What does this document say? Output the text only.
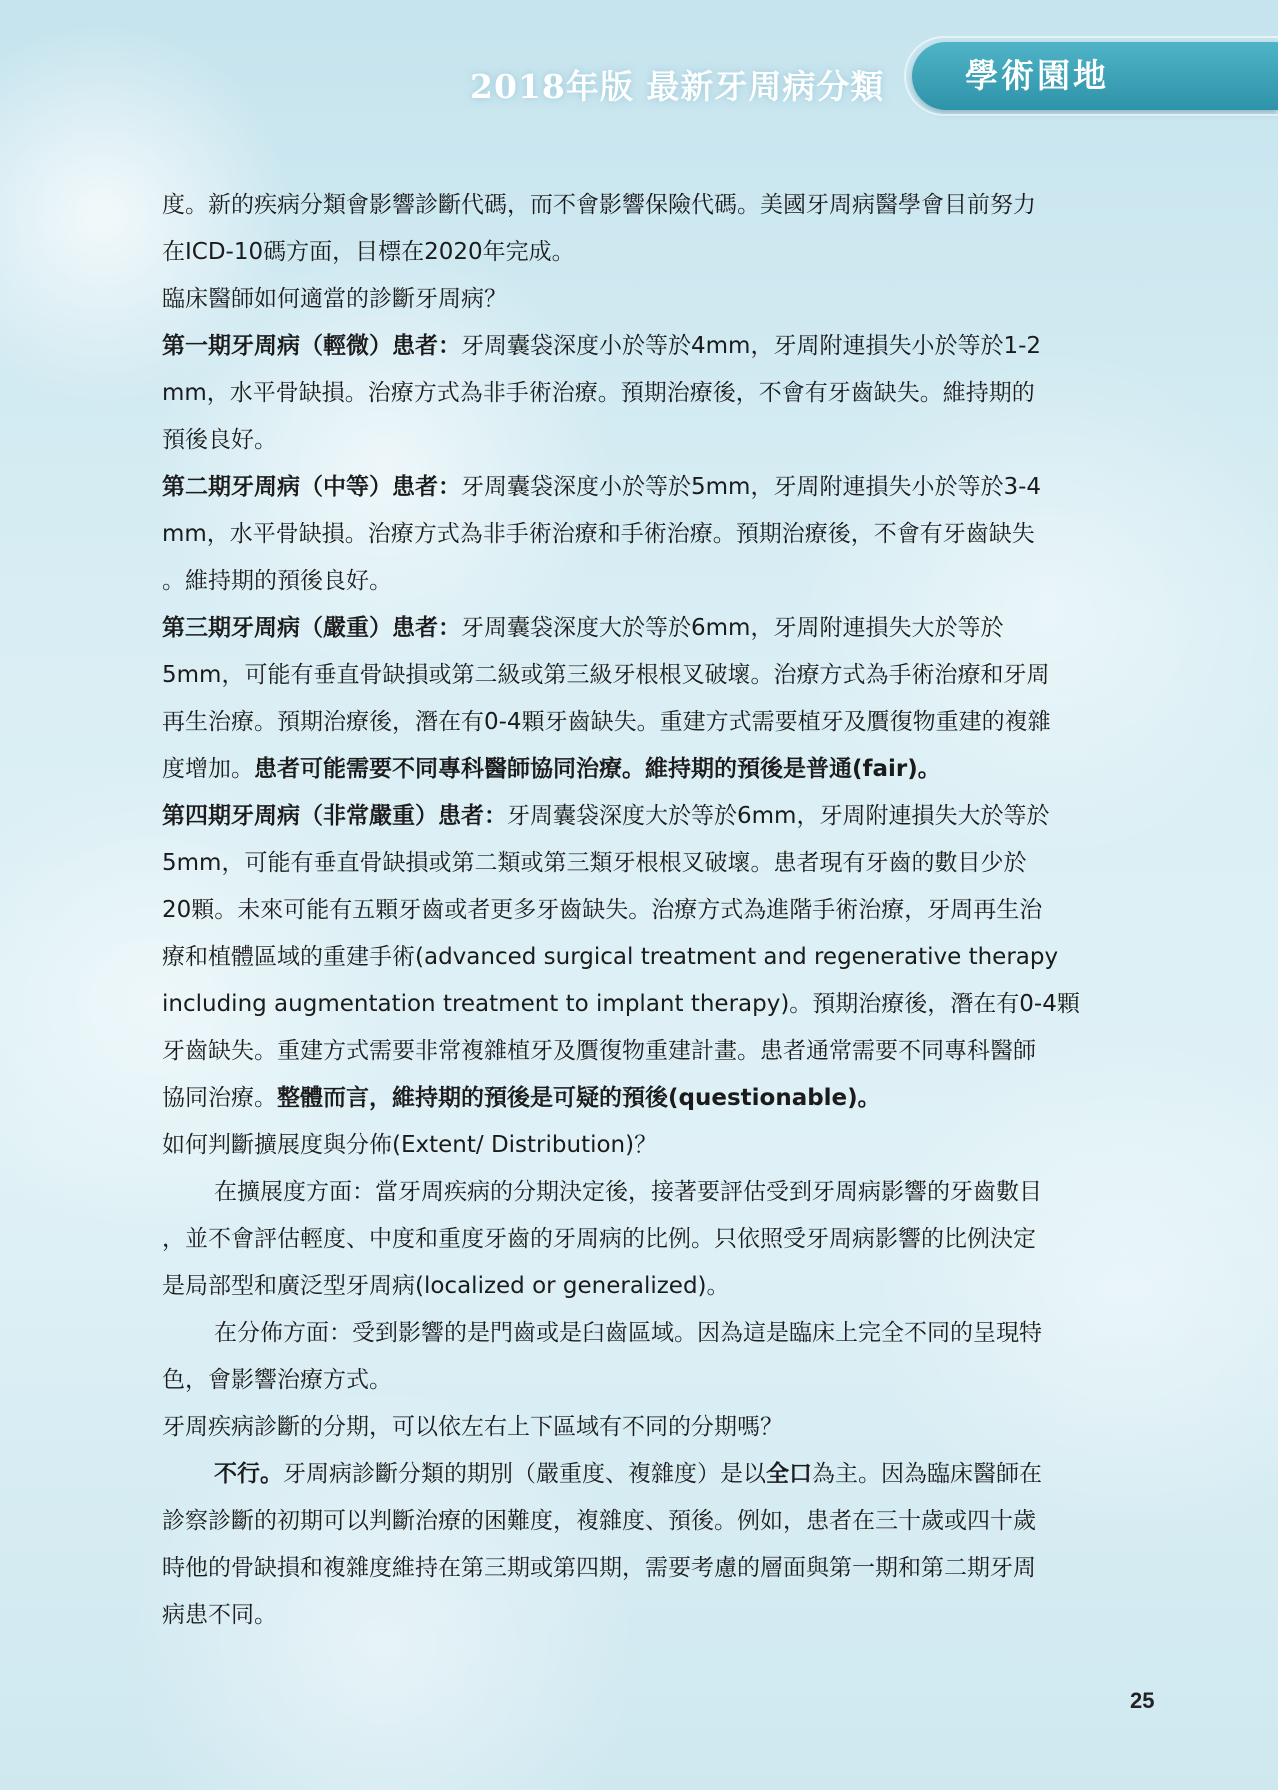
2018年版 最新牙周病分類	學術園地
度。新的疾病分類會影響診斷代碼，而不會影響保險代碼。美國牙周病醫學會目前努力
在ICD-10碼方面，目標在2020年完成。
臨床醫師如何適當的診斷牙周病？
第一期牙周病（輕微）患者：牙周囊袋深度小於等於4mm，牙周附連損失小於等於1-2
mm，水平骨缺損。治療方式為非手術治療。預期治療後，不會有牙齒缺失。維持期的
預後良好。
第二期牙周病（中等）患者：牙周囊袋深度小於等於5mm，牙周附連損失小於等於3-4
mm，水平骨缺損。治療方式為非手術治療和手術治療。預期治療後，不會有牙齒缺失
。維持期的預後良好。
第三期牙周病（嚴重）患者：牙周囊袋深度大於等於6mm，牙周附連損失大於等於
5mm，可能有垂直骨缺損或第二級或第三級牙根根叉破壞。治療方式為手術治療和牙周
再生治療。預期治療後，潛在有0-4顆牙齒缺失。重建方式需要植牙及贋復物重建的複雜
度增加。患者可能需要不同專科醫師協同治療。維持期的預後是普通(fair)。
第四期牙周病（非常嚴重）患者：牙周囊袋深度大於等於6mm，牙周附連損失大於等於
5mm，可能有垂直骨缺損或第二類或第三類牙根根叉破壞。患者現有牙齒的數目少於
20顆。未來可能有五顆牙齒或者更多牙齒缺失。治療方式為進階手術治療，牙周再生治
療和植體區域的重建手術(advanced surgical treatment and regenerative therapy
including augmentation treatment to implant therapy)。預期治療後，潛在有0-4顆
牙齒缺失。重建方式需要非常複雜植牙及贋復物重建計畫。患者通常需要不同專科醫師
協同治療。整體而言，維持期的預後是可疑的預後(questionable)。
如何判斷擴展度與分佈(Extent/ Distribution)？
在擴展度方面：當牙周疾病的分期決定後，接著要評估受到牙周病影響的牙齒數目
，並不會評估輕度、中度和重度牙齒的牙周病的比例。只依照受牙周病影響的比例決定
是局部型和廣泛型牙周病(localized or generalized)。
在分佈方面：受到影響的是門齒或是臼齒區域。因為這是臨床上完全不同的呈現特
色，會影響治療方式。
牙周疾病診斷的分期，可以依左右上下區域有不同的分期嗎？
不行。牙周病診斷分類的期別（嚴重度、複雜度）是以全口為主。因為臨床醫師在
診察診斷的初期可以判斷治療的困難度，複雜度、預後。例如，患者在三十歲或四十歲
時他的骨缺損和複雜度維持在第三期或第四期，需要考慮的層面與第一期和第二期牙周
病患不同。
25
